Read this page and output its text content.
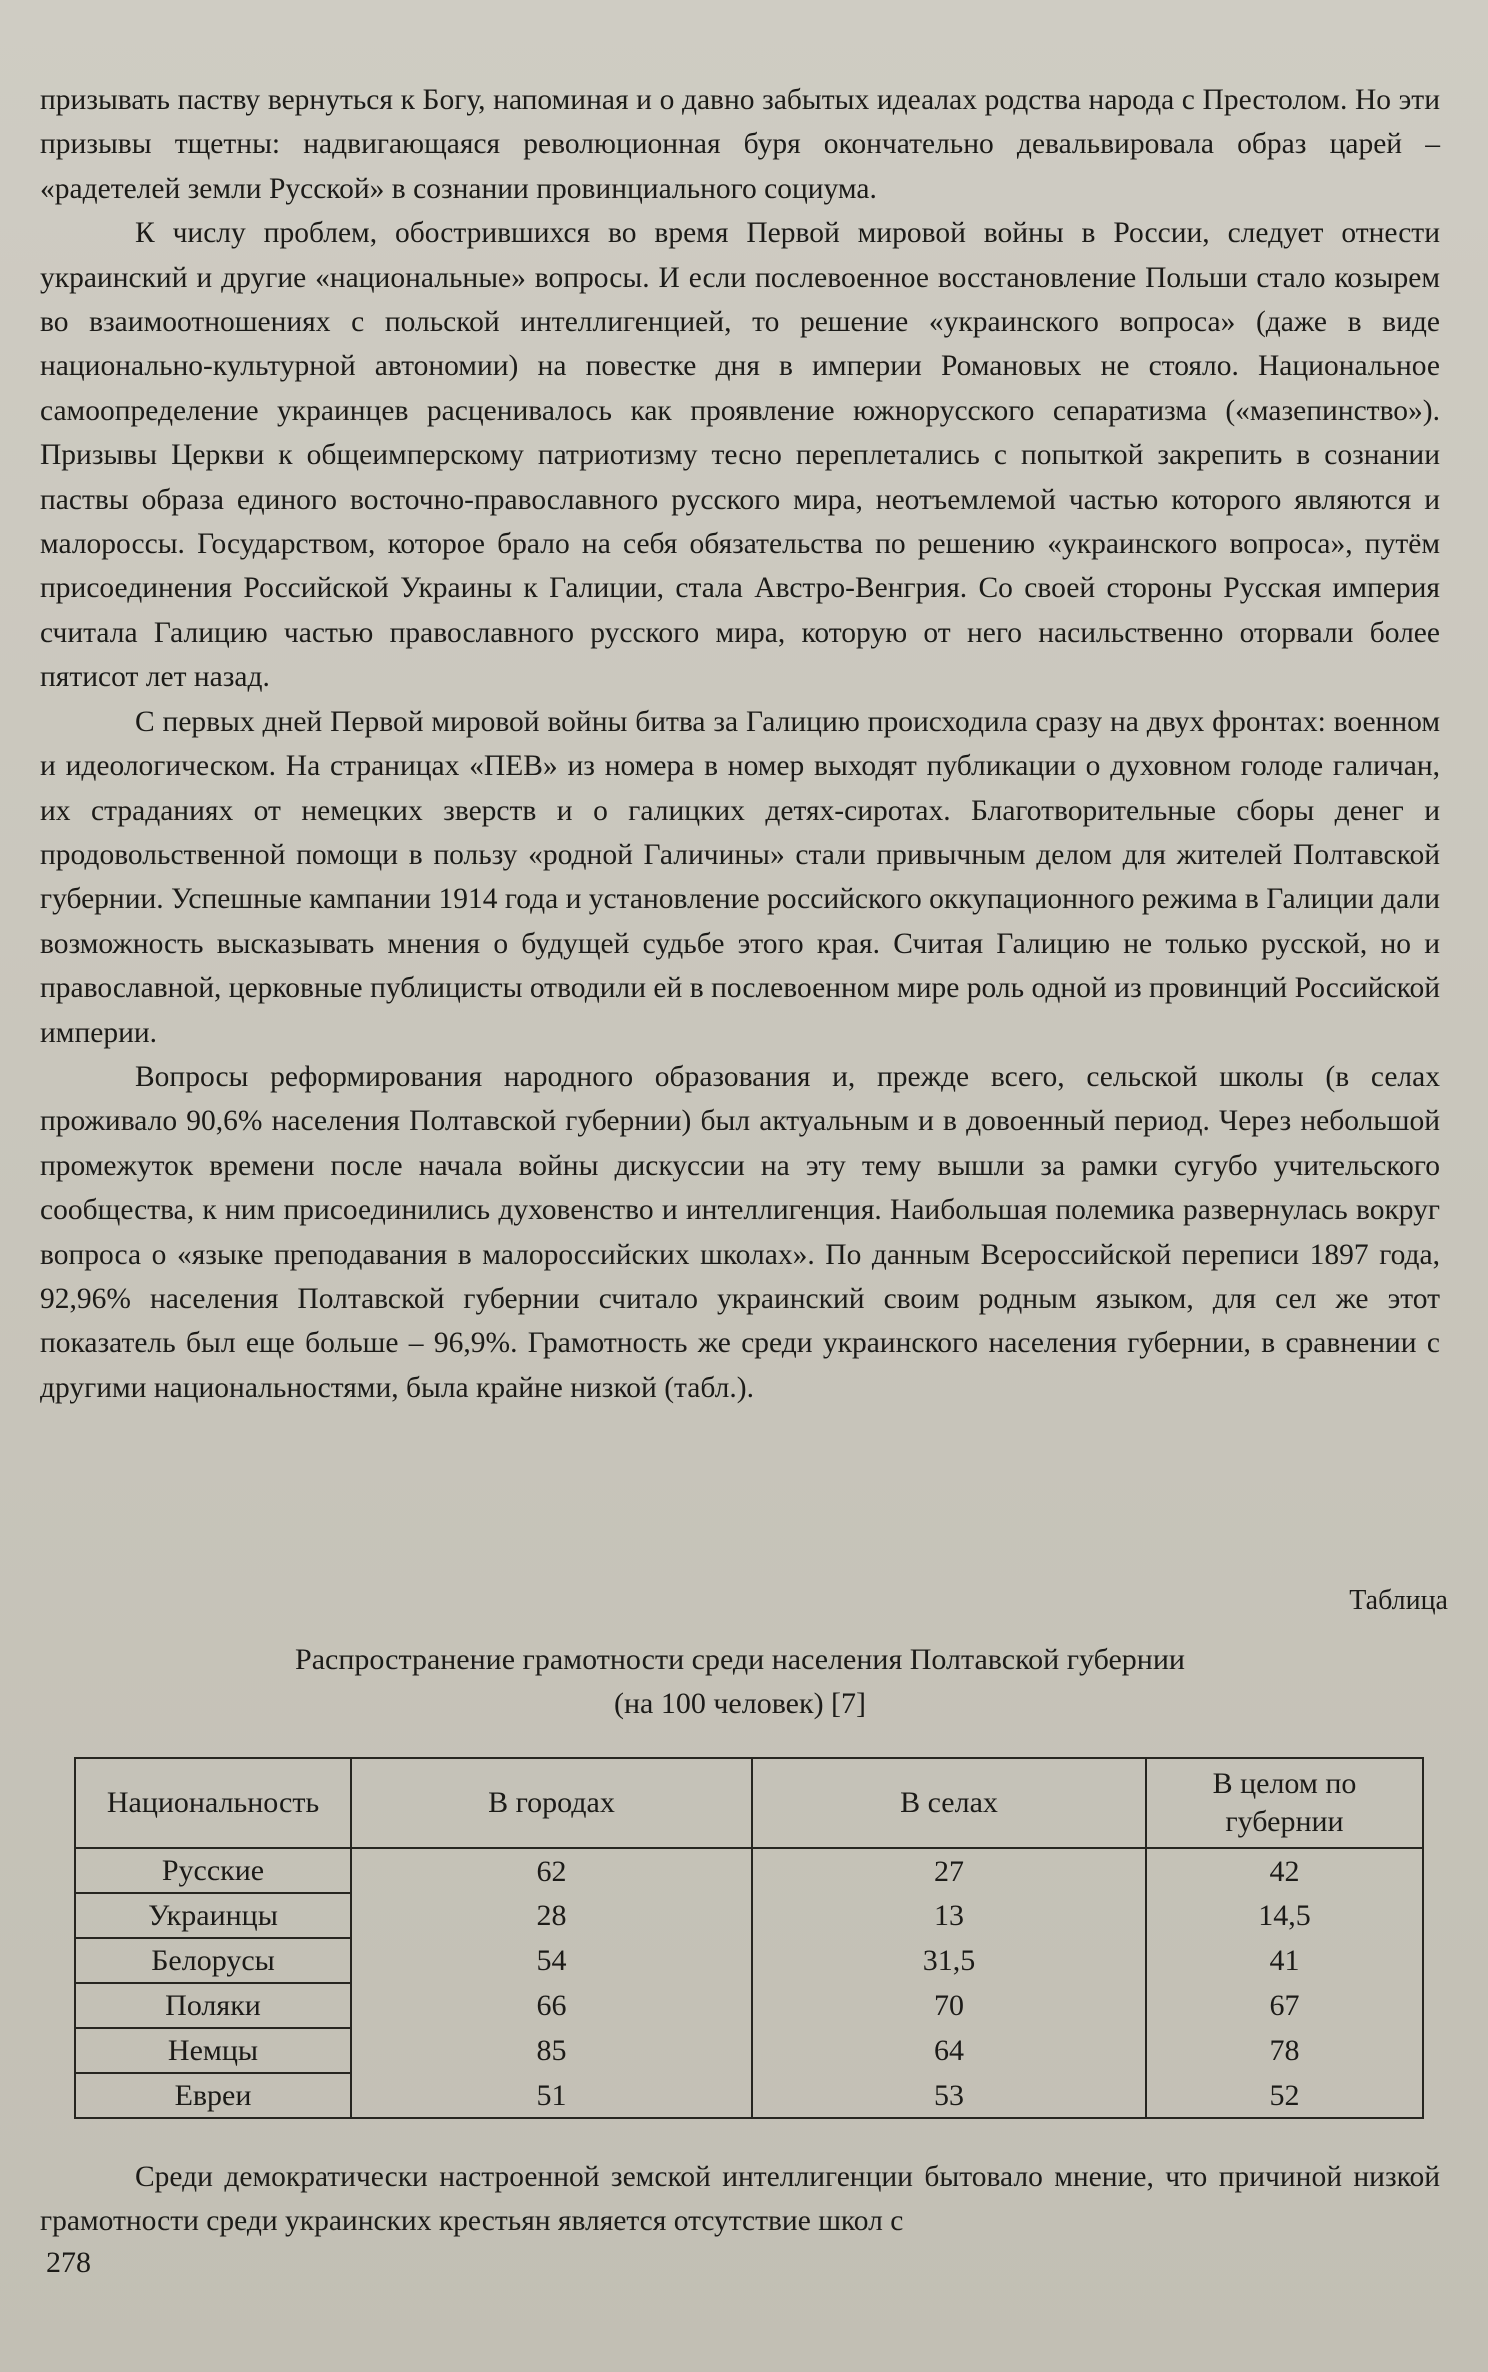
призывать паству вернуться к Богу, напоминая и о давно забытых идеалах родства народа с Престолом. Но эти призывы тщетны: надвигающаяся революционная буря окончательно девальвировала образ царей – «радетелей земли Русской» в сознании провинциального социума.

К числу проблем, обострившихся во время Первой мировой войны в России, следует отнести украинский и другие «национальные» вопросы. И если послевоенное восстановление Польши стало козырем во взаимоотношениях с польской интеллигенцией, то решение «украинского вопроса» (даже в виде национально-культурной автономии) на повестке дня в империи Романовых не стояло. Национальное самоопределение украинцев расценивалось как проявление южнорусского сепаратизма («мазепинство»). Призывы Церкви к общеимперскому патриотизму тесно переплетались с попыткой закрепить в сознании паствы образа единого восточно-православного русского мира, неотъемлемой частью которого являются и малороссы. Государством, которое брало на себя обязательства по решению «украинского вопроса», путём присоединения Российской Украины к Галиции, стала Австро-Венгрия. Со своей стороны Русская империя считала Галицию частью православного русского мира, которую от него насильственно оторвали более пятисот лет назад.

С первых дней Первой мировой войны битва за Галицию происходила сразу на двух фронтах: военном и идеологическом. На страницах «ПЕВ» из номера в номер выходят публикации о духовном голоде галичан, их страданиях от немецких зверств и о галицких детях-сиротах. Благотворительные сборы денег и продовольственной помощи в пользу «родной Галичины» стали привычным делом для жителей Полтавской губернии. Успешные кампании 1914 года и установление российского оккупационного режима в Галиции дали возможность высказывать мнения о будущей судьбе этого края. Считая Галицию не только русской, но и православной, церковные публицисты отводили ей в послевоенном мире роль одной из провинций Российской империи.

Вопросы реформирования народного образования и, прежде всего, сельской школы (в селах проживало 90,6% населения Полтавской губернии) был актуальным и в довоенный период. Через небольшой промежуток времени после начала войны дискуссии на эту тему вышли за рамки сугубо учительского сообщества, к ним присоединились духовенство и интеллигенция. Наибольшая полемика развернулась вокруг вопроса о «языке преподавания в малороссийских школах». По данным Всероссийской переписи 1897 года, 92,96% населения Полтавской губернии считало украинский своим родным языком, для сел же этот показатель был еще больше – 96,9%. Грамотность же среди украинского населения губернии, в сравнении с другими национальностями, была крайне низкой (табл.).

Таблица
Распространение грамотности среди населения Полтавской губернии
(на 100 человек) [7]
Национальность	В городах	В селах	В целом по губернии
Русские	62	27	42
Украинцы	28	13	14,5
Белорусы	54	31,5	41
Поляки	66	70	67
Немцы	85	64	78
Евреи	51	53	52

Среди демократически настроенной земской интеллигенции бытовало мнение, что причиной низкой грамотности среди украинских крестьян является отсутствие школ с

278
